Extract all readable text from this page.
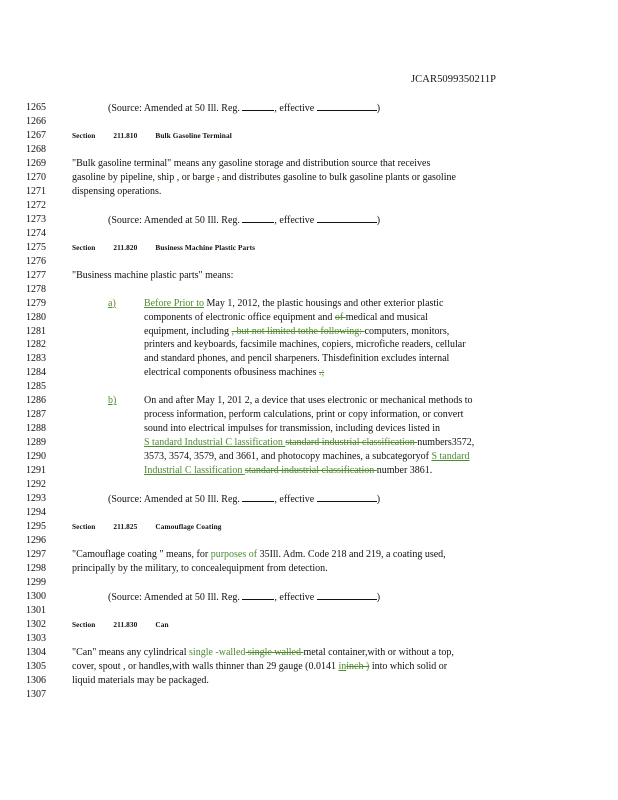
JCAR5099350211P
1265
1266
1267
1268
1269
1270
1271
1272
1273
1274
1275
1276
1277
1278
1279
1280
1281
1282
1283
1284
1285
1286
1287
1288
1289
1290
1291
1292
1293
1294
1295
1296
1297
1298
1299
1300
1301
1302
1303
1304
1305
1306
1307
(Source: Amended at 50 Ill. Reg.	, effective	)
Section 211.810 Bulk Gasoline Terminal
"Bulk gasoline terminal" means any gasoline storage and distribution source that receives
gasoline by pipeline, ship , or barge , and distributes gasoline to bulk gasoline plants or gasoline
dispensing operations.
(Source: Amended at 50 Ill. Reg.	, effective	)
Section 211.820 Business Machine Plastic Parts
"Business machine plastic parts" means:
a)	Before Prior to May 1, 2012, the plastic housings and other exterior plastic
components of electronic office equipment and of medical and musical
equipment, including , but not limited tothe following: computers, monitors,
printers and keyboards, facsimile machines, copiers, microfiche readers, cellular
and standard phones, and pencil sharpeners. Thisdefinition excludes internal
electrical components ofbusiness machines .;
b)	On and after May 1, 201 2, a device that uses electronic or mechanical methods to
process information, perform calculations, print or copy information, or convert
sound into electrical impulses for transmission, including devices listed in
S tandard Industrial C lassification standard industrial classification numbers3572,
3573, 3574, 3579, and 3661, and photocopy machines, a subcategoryof S tandard
Industrial C lassification standard industrial classification number 3861.
(Source: Amended at 50 Ill. Reg.	, effective	)
Section 211.825 Camouflage Coating
"Camouflage coating " means, for purposes of 35Ill. Adm. Code 218 and 219, a coating used,
principally by the military, to concealequipment from detection.
(Source: Amended at 50 Ill. Reg.	, effective	)
Section 211.830 Can
"Can" means any cylindrical single -walled single walled metal container,with or without a top,
cover, spout , or handles,with walls thinner than 29 gauge (0.0141 ininch ) into which solid or
liquid materials may be packaged.
